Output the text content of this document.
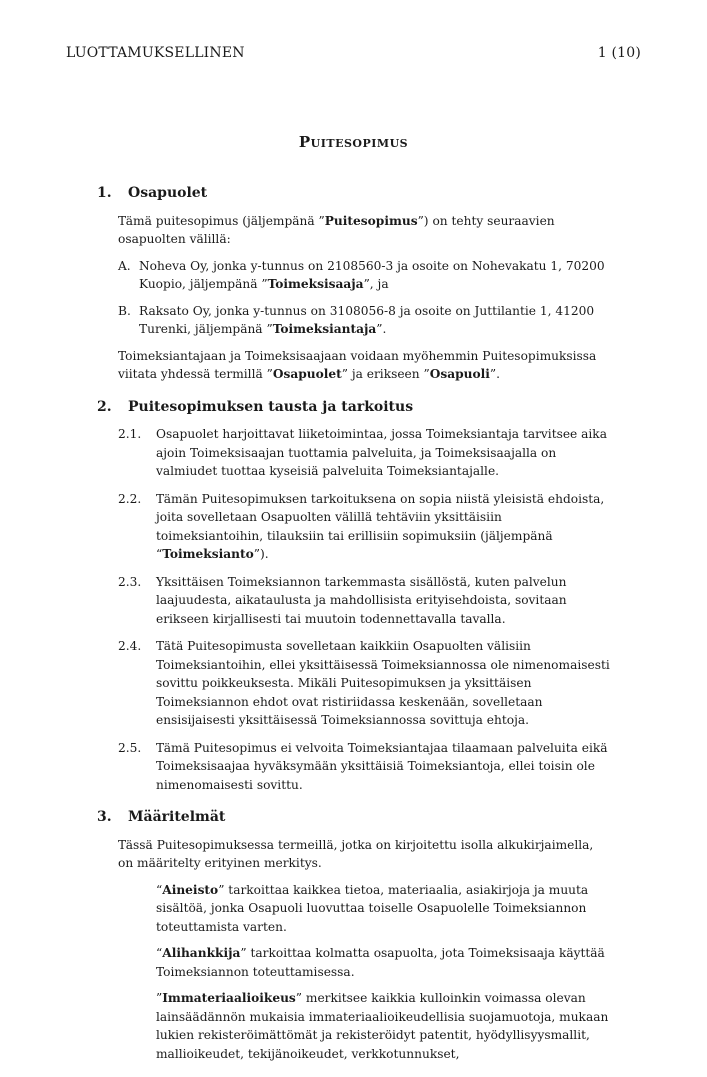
LUOTTAMUKSELLINEN	1 (10)
Puitesopimus
1.	Osapuolet
Tämä puitesopimus (jäljempänä ”Puitesopimus”) on tehty seuraavien osapuolten välillä:
A. Noheva Oy, jonka y-tunnus on 2108560-3 ja osoite on Nohevakatu 1, 70200 Kuopio, jäljempänä ”Toimeksisaaja”, ja
B. Raksato Oy, jonka y-tunnus on 3108056-8 ja osoite on Juttilantie 1, 41200 Turenki, jäljempänä ”Toimeksiantaja”.
Toimeksiantajaan ja Toimeksisaajaan voidaan myöhemmin Puitesopimuksissa viitata yhdessä termillä ”Osapuolet” ja erikseen ”Osapuoli”.
2.	Puitesopimuksen tausta ja tarkoitus
2.1.	Osapuolet harjoittavat liiketoimintaa, jossa Toimeksiantaja tarvitsee aika ajoin Toimeksisaajan tuottamia palveluita, ja Toimeksisaajalla on valmiudet tuottaa kyseisiä palveluita Toimeksiantajalle.
2.2.	Tämän Puitesopimuksen tarkoituksena on sopia niistä yleisistä ehdoista, joita sovelletaan Osapuolten välillä tehtäviin yksittäisiin toimeksiantoihin, tilauksiin tai erillisiin sopimuksiin (jäljempänä “Toimeksianto”).
2.3.	Yksittäisen Toimeksiannon tarkemmasta sisällöstä, kuten palvelun laajuudesta, aikataulusta ja mahdollisista erityisehdoista, sovitaan erikseen kirjallisesti tai muutoin todennettavalla tavalla.
2.4.	Tätä Puitesopimusta sovelletaan kaikkiin Osapuolten välisiin Toimeksiantoihin, ellei yksittäisessä Toimeksiannossa ole nimenomaisesti sovittu poikkeuksesta. Mikäli Puitesopimuksen ja yksittäisen Toimeksiannon ehdot ovat ristiriidassa keskenään, sovelletaan ensisijaisesti yksittäisessä Toimeksiannossa sovittuja ehtoja.
2.5.	Tämä Puitesopimus ei velvoita Toimeksiantajaa tilaamaan palveluita eikä Toimeksisaajaa hyväksymään yksittäisiä Toimeksiantoja, ellei toisin ole nimenomaisesti sovittu.
3.	Määritelmät
Tässä Puitesopimuksessa termeillä, jotka on kirjoitettu isolla alkukirjaimella, on määritelty erityinen merkitys.
“Aineisto” tarkoittaa kaikkea tietoa, materiaalia, asiakirjoja ja muuta sisältöä, jonka Osapuoli luovuttaa toiselle Osapuolelle Toimeksiannon toteuttamista varten.
“Alihankkija” tarkoittaa kolmatta osapuolta, jota Toimeksisaaja käyttää Toimeksiannon toteuttamisessa.
”Immateriaalioikeus” merkitsee kaikkia kulloinkin voimassa olevan lainsäädännön mukaisia immateriaalioikeudellisia suojamuotoja, mukaan lukien rekisteröimättömät ja rekisteröidyt patentit, hyödyllisyysmallit, mallioikeudet, tekijänoikeudet, verkkotunnukset,
